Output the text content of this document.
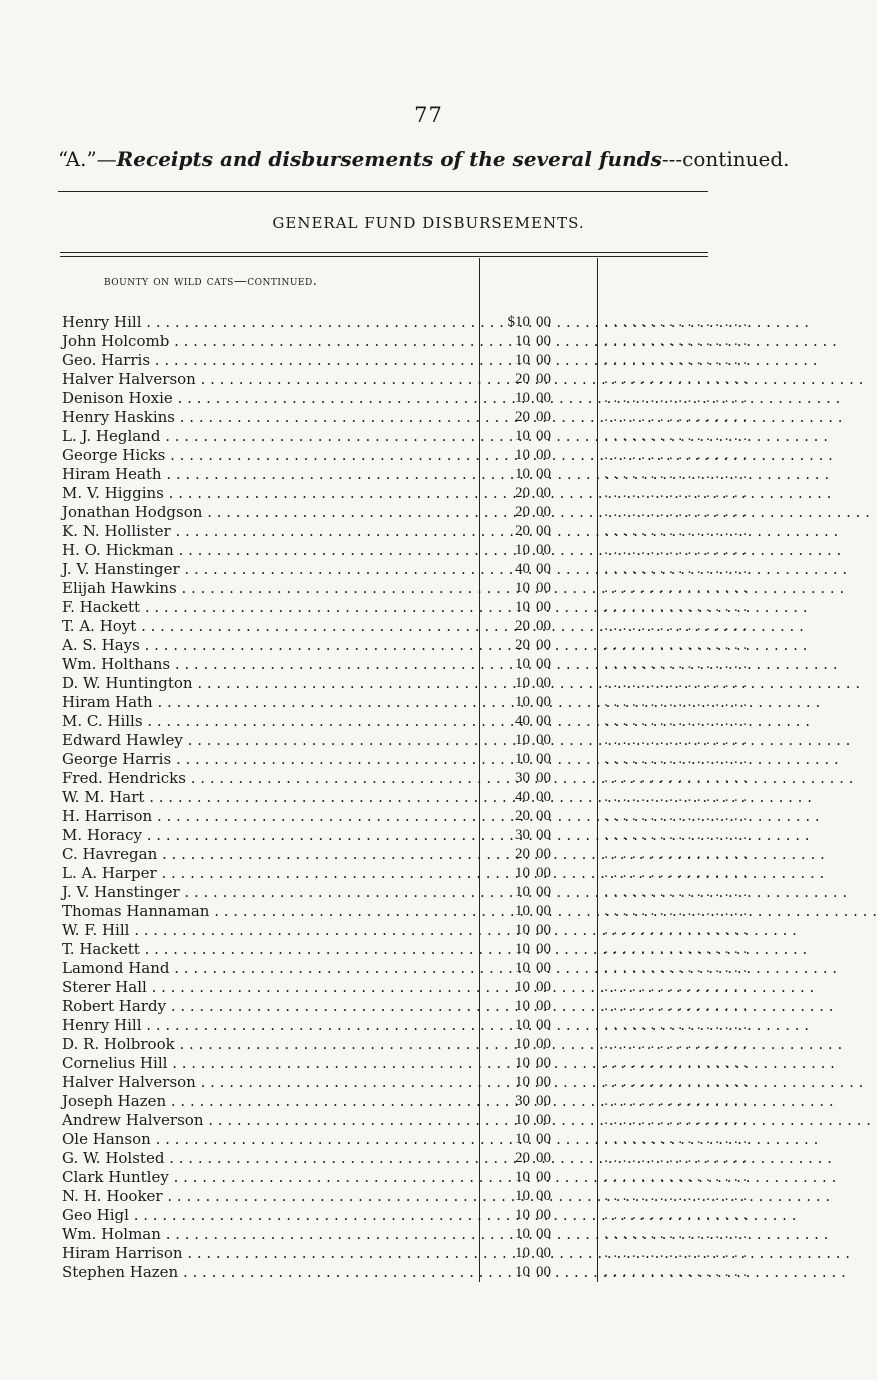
77
“A.”—Receipts and disbursements of the several funds---continued.
GENERAL FUND DISBURSEMENTS.
bounty on wild cats—continued.
Henry Hill . . .	$10 00	. . . . . . . . . . . . . . . .
John Holcomb . . .	10 00	. . . . . . . . . . . . . . . .
Geo. Harris . . .	10 00	. . . . . . . . . . . . . . . .
Halver Halverson . . .	20 00	. . . . . . . . . . . . . . . .
Denison Hoxie . . .	10 00	. . . . . . . . . . . . . . . .
Henry Haskins . . .	20 00	. . . . . . . . . . . . . . . .
L. J. Hegland . . .	10 00	. . . . . . . . . . . . . . . .
George Hicks . . .	10 00	. . . . . . . . . . . . . . . .
Hiram Heath . . .	10 00	. . . . . . . . . . . . . . . .
M. V. Higgins . . .	20 00	. . . . . . . . . . . . . . . .
Jonathan Hodgson . . .	20 00	. . . . . . . . . . . . . . . .
K. N. Hollister . . .	20 00	. . . . . . . . . . . . . . . .
H. O. Hickman . . .	10 00	. . . . . . . . . . . . . . . .
J. V. Hanstinger . . .	40 00	. . . . . . . . . . . . . . . .
Elijah Hawkins . . .	10 00	. . . . . . . . . . . . . . . .
F. Hackett . . .	10 00	. . . . . . . . . . . . . . . .
T. A. Hoyt . . .	20 00	. . . . . . . . . . . . . . . .
A. S. Hays . . .	20 00	. . . . . . . . . . . . . . . .
Wm. Holthans . . .	10 00	. . . . . . . . . . . . . . . .
D. W. Huntington . . .	10 00	. . . . . . . . . . . . . . . .
Hiram Hath . . .	10 00	. . . . . . . . . . . . . . . .
M. C. Hills . . .	40 00	. . . . . . . . . . . . . . . .
Edward Hawley . . .	10 00	. . . . . . . . . . . . . . . .
George Harris . . .	10 00	. . . . . . . . . . . . . . . .
Fred. Hendricks . . .	30 00	. . . . . . . . . . . . . . . .
W. M. Hart . . .	40 00	. . . . . . . . . . . . . . . .
H. Harrison . . .	20 00	. . . . . . . . . . . . . . . .
M. Horacy . . .	30 00	. . . . . . . . . . . . . . . .
C. Havregan . . .	20 00	. . . . . . . . . . . . . . . .
L. A. Harper . . .	10 00	. . . . . . . . . . . . . . . .
J. V. Hanstinger . . .	10 00	. . . . . . . . . . . . . . . .
Thomas Hannaman . . .	10 00	. . . . . . . . . . . . . . . .
W. F. Hill . . .	10 00	. . . . . . . . . . . . . . . .
T. Hackett . . .	10 00	. . . . . . . . . . . . . . . .
Lamond Hand . . .	10 00	. . . . . . . . . . . . . . . .
Sterer Hall . . .	10 00	. . . . . . . . . . . . . . . .
Robert Hardy . . .	10 00	. . . . . . . . . . . . . . . .
Henry Hill . . .	10 00	. . . . . . . . . . . . . . . .
D. R. Holbrook . . .	10 00	. . . . . . . . . . . . . . . .
Cornelius Hill . . .	10 00	. . . . . . . . . . . . . . . .
Halver Halverson . . .	10 00	. . . . . . . . . . . . . . . .
Joseph Hazen . . .	30 00	. . . . . . . . . . . . . . . .
Andrew Halverson . . .	10 00	. . . . . . . . . . . . . . . .
Ole Hanson . . .	10 00	. . . . . . . . . . . . . . . .
G. W. Holsted . . .	20 00	. . . . . . . . . . . . . . . .
Clark Huntley . . .	10 00	. . . . . . . . . . . . . . . .
N. H. Hooker . . .	10 00	. . . . . . . . . . . . . . . .
Geo Higl . . .	10 00	. . . . . . . . . . . . . . . .
Wm. Holman . . .	10 00	. . . . . . . . . . . . . . . .
Hiram Harrison . . .	10 00	. . . . . . . . . . . . . . . .
Stephen Hazen . . .	10 00	. . . . . . . . . . . . . . . .
